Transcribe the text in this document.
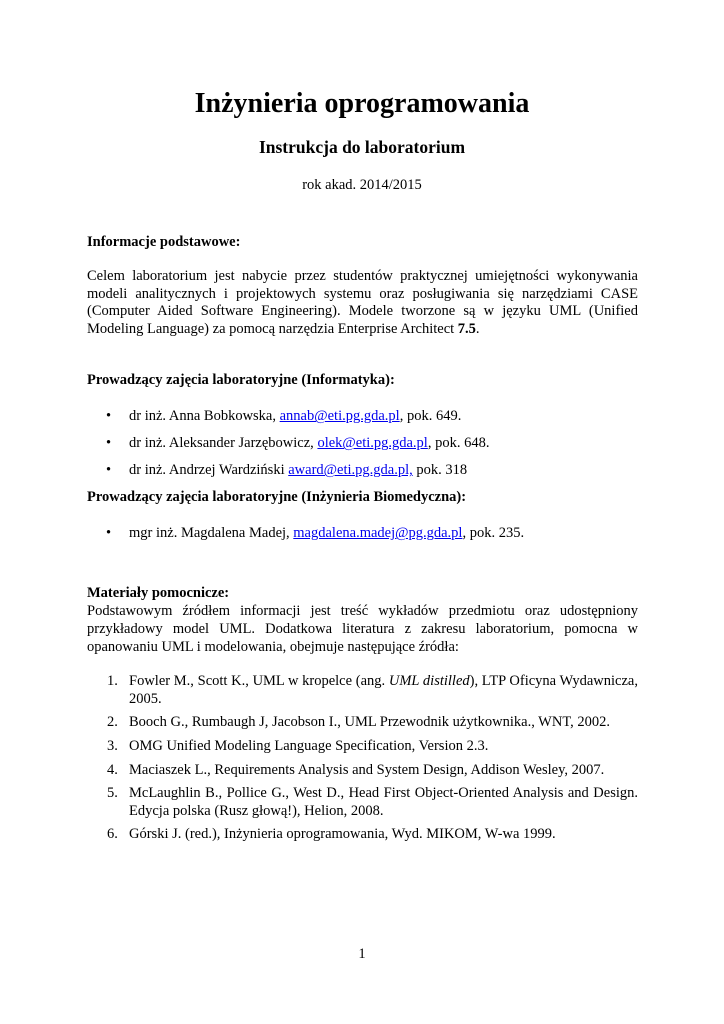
Inżynieria oprogramowania
Instrukcja do laboratorium
rok akad. 2014/2015
Informacje podstawowe:

Celem laboratorium jest nabycie przez studentów praktycznej umiejętności wykonywania modeli analitycznych i projektowych systemu oraz posługiwania się narzędziami CASE (Computer Aided Software Engineering). Modele tworzone są w języku UML (Unified Modeling Language) za pomocą narzędzia Enterprise Architect 7.5.

Prowadzący zajęcia laboratoryjne (Informatyka):
• dr inż. Anna Bobkowska, annab@eti.pg.gda.pl, pok. 649.
• dr inż. Aleksander Jarzębowicz, olek@eti.pg.gda.pl, pok. 648.
• dr inż. Andrzej Wardziński award@eti.pg.gda.pl, pok. 318
Prowadzący zajęcia laboratoryjne (Inżynieria Biomedyczna):
• mgr inż. Magdalena Madej, magdalena.madej@pg.gda.pl, pok. 235.
Materiały pomocnicze:

Podstawowym źródłem informacji jest treść wykładów przedmiotu oraz udostępniony przykładowy model UML. Dodatkowa literatura z zakresu laboratorium, pomocna w opanowaniu UML i modelowania, obejmuje następujące źródła:

1. Fowler M., Scott K., UML w kropelce (ang. UML distilled), LTP Oficyna Wydawnicza, 2005.
2. Booch G., Rumbaugh J, Jacobson I., UML Przewodnik użytkownika., WNT, 2002.
3. OMG Unified Modeling Language Specification, Version 2.3.
4. Maciaszek L., Requirements Analysis and System Design, Addison Wesley, 2007.
5. McLaughlin B., Pollice G., West D., Head First Object-Oriented Analysis and Design. Edycja polska (Rusz głową!), Helion, 2008.
6. Górski J. (red.), Inżynieria oprogramowania, Wyd. MIKOM, W-wa 1999.
1
